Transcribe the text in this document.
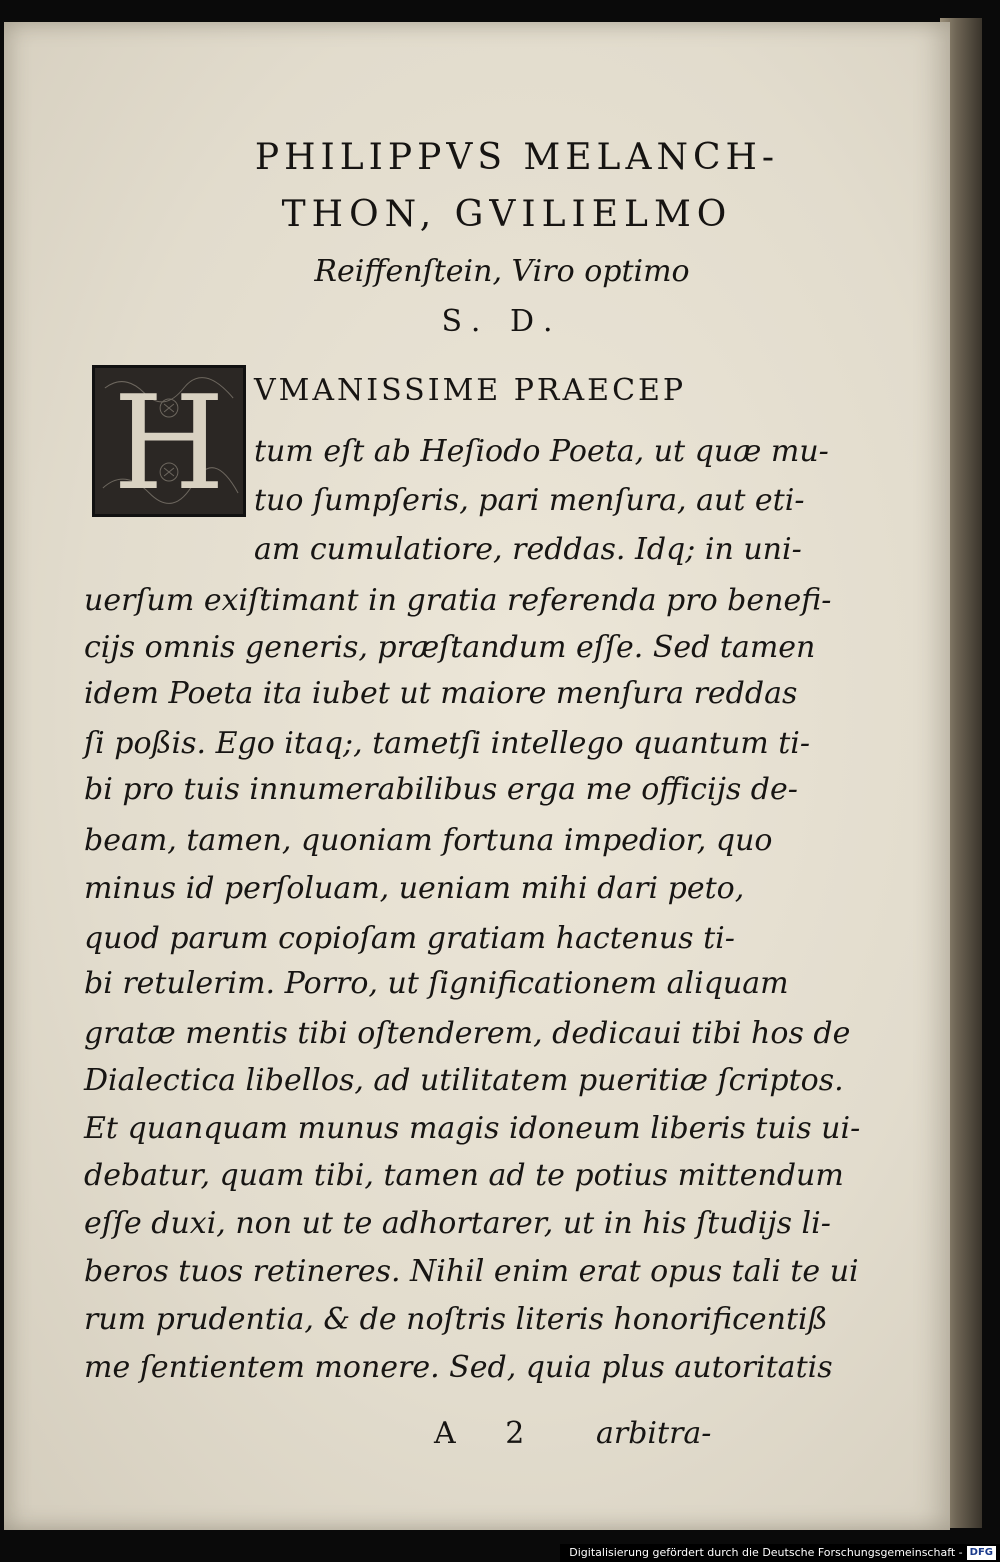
PHILIPPVS MELANCH-
THON, GVILIELMO
Reiffenſtein, Viro optimo
S. D.
H VMANISSIME PRAECEP
tum eſt ab Heſiodo Poeta, ut quæ mu-
tuo ſumpſeris, pari menſura, aut eti-
am cumulatiore, reddas. Idq; in uni-
uerſum exiſtimant in gratia referenda pro benefi-
cijs omnis generis, præſtandum eſſe. Sed tamen
idem Poeta ita iubet ut maiore menſura reddas
ſi poßis. Ego itaq;, tametſi intellego quantum ti-
bi pro tuis innumerabilibus erga me officijs de-
beam, tamen, quoniam fortuna impedior, quo
minus id perſoluam, ueniam mihi dari peto,
quod parum copioſam gratiam hactenus ti-
bi retulerim. Porro, ut ſignificationem aliquam
gratæ mentis tibi oſtenderem, dedicaui tibi hos de
Dialectica libellos, ad utilitatem pueritiæ ſcriptos.
Et quanquam munus magis idoneum liberis tuis ui-
debatur, quam tibi, tamen ad te potius mittendum
eſſe duxi, non ut te adhortarer, ut in his ſtudijs li-
beros tuos retineres. Nihil enim erat opus tali te ui
rum prudentia, & de noſtris literis honorificentiß
me ſentientem monere. Sed, quia plus autoritatis
A 2 arbitra-
Digitalisierung gefördert durch die Deutsche Forschungsgemeinschaft - DFG
